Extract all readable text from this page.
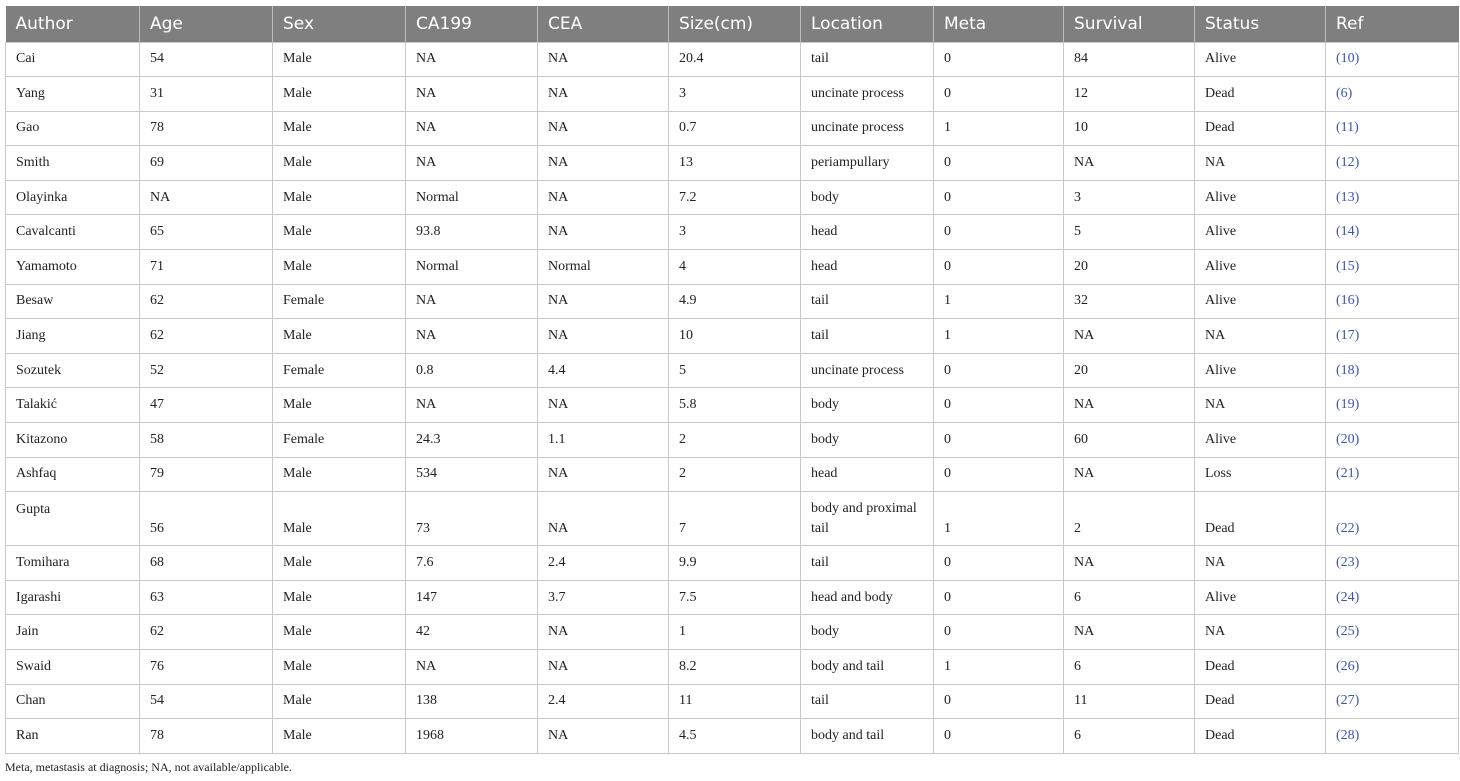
Author	Age	Sex	CA199	CEA	Size(cm)	Location	Meta	Survival	Status	Ref
Cai	54	Male	NA	NA	20.4	tail	0	84	Alive	(10)
Yang	31	Male	NA	NA	3	uncinate process	0	12	Dead	(6)
Gao	78	Male	NA	NA	0.7	uncinate process	1	10	Dead	(11)
Smith	69	Male	NA	NA	13	periampullary	0	NA	NA	(12)
Olayinka	NA	Male	Normal	NA	7.2	body	0	3	Alive	(13)
Cavalcanti	65	Male	93.8	NA	3	head	0	5	Alive	(14)
Yamamoto	71	Male	Normal	Normal	4	head	0	20	Alive	(15)
Besaw	62	Female	NA	NA	4.9	tail	1	32	Alive	(16)
Jiang	62	Male	NA	NA	10	tail	1	NA	NA	(17)
Sozutek	52	Female	0.8	4.4	5	uncinate process	0	20	Alive	(18)
Talakić	47	Male	NA	NA	5.8	body	0	NA	NA	(19)
Kitazono	58	Female	24.3	1.1	2	body	0	60	Alive	(20)
Ashfaq	79	Male	534	NA	2	head	0	NA	Loss	(21)
Gupta	56	Male	73	NA	7	body and proximal tail	1	2	Dead	(22)
Tomihara	68	Male	7.6	2.4	9.9	tail	0	NA	NA	(23)
Igarashi	63	Male	147	3.7	7.5	head and body	0	6	Alive	(24)
Jain	62	Male	42	NA	1	body	0	NA	NA	(25)
Swaid	76	Male	NA	NA	8.2	body and tail	1	6	Dead	(26)
Chan	54	Male	138	2.4	11	tail	0	11	Dead	(27)
Ran	78	Male	1968	NA	4.5	body and tail	0	6	Dead	(28)
Meta, metastasis at diagnosis; NA, not available/applicable.
